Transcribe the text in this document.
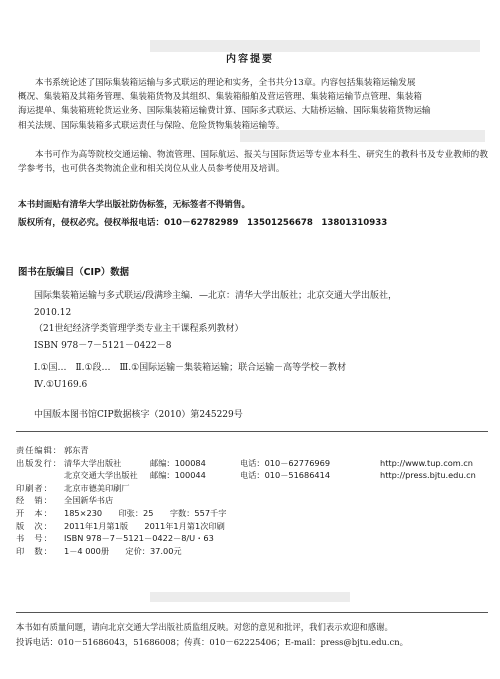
内容提要
本书系统论述了国际集装箱运输与多式联运的理论和实务，全书共分13章。内容包括集装箱运输发展
概况、集装箱及其箱务管理、集装箱货物及其组织、集装箱船舶及营运管理、集装箱运输节点管理、集装箱
海运提单、集装箱班轮货运业务、国际集装箱运输费计算、国际多式联运、大陆桥运输、国际集装箱货物运输
相关法规、国际集装箱多式联运责任与保险、危险货物集装箱运输等。
本书可作为高等院校交通运输、物流管理、国际航运、报关与国际货运等专业本科生、研究生的教科书及专业教师的教学参考书，也可供各类物流企业和相关岗位从业人员参考使用及培训。
本书封面贴有清华大学出版社防伪标签，无标签者不得销售。
版权所有，侵权必究。侵权举报电话：010－62782989　13501256678　13801310933
图书在版编目（CIP）数据
国际集装箱运输与多式联运/段满珍主编．—北京：清华大学出版社；北京交通大学出版社，
2010.12
（21世纪经济学类管理学类专业主干课程系列教材）
ISBN 978－7－5121－0422－8
Ⅰ.①国…　Ⅱ.①段…　Ⅲ.①国际运输－集装箱运输；联合运输－高等学校－教材
Ⅳ.①U169.6
中国版本图书馆CIP数据核字（2010）第245229号
责任编辑： 郭东青
出版发行： 清华大学出版社	邮编：100084	电话：010－62776969	http://www.tup.com.cn
北京交通大学出版社	邮编：100044	电话：010－51686414	http://press.bjtu.edu.cn
印刷者：	北京市德美印刷厂
经　销：	全国新华书店
开　本：	185×230　　印张：25　　字数：557千字
版　次：	2011年1月第1版　　2011年1月第1次印刷
书　号：	ISBN 978－7－5121－0422－8/U・63
印　数：	1－4 000册　　定价：37.00元
本书如有质量问题，请向北京交通大学出版社质监组反映。对您的意见和批评，我们表示欢迎和感谢。
投诉电话：010－51686043，51686008；传真：010－62225406；E-mail：press@bjtu.edu.cn。
